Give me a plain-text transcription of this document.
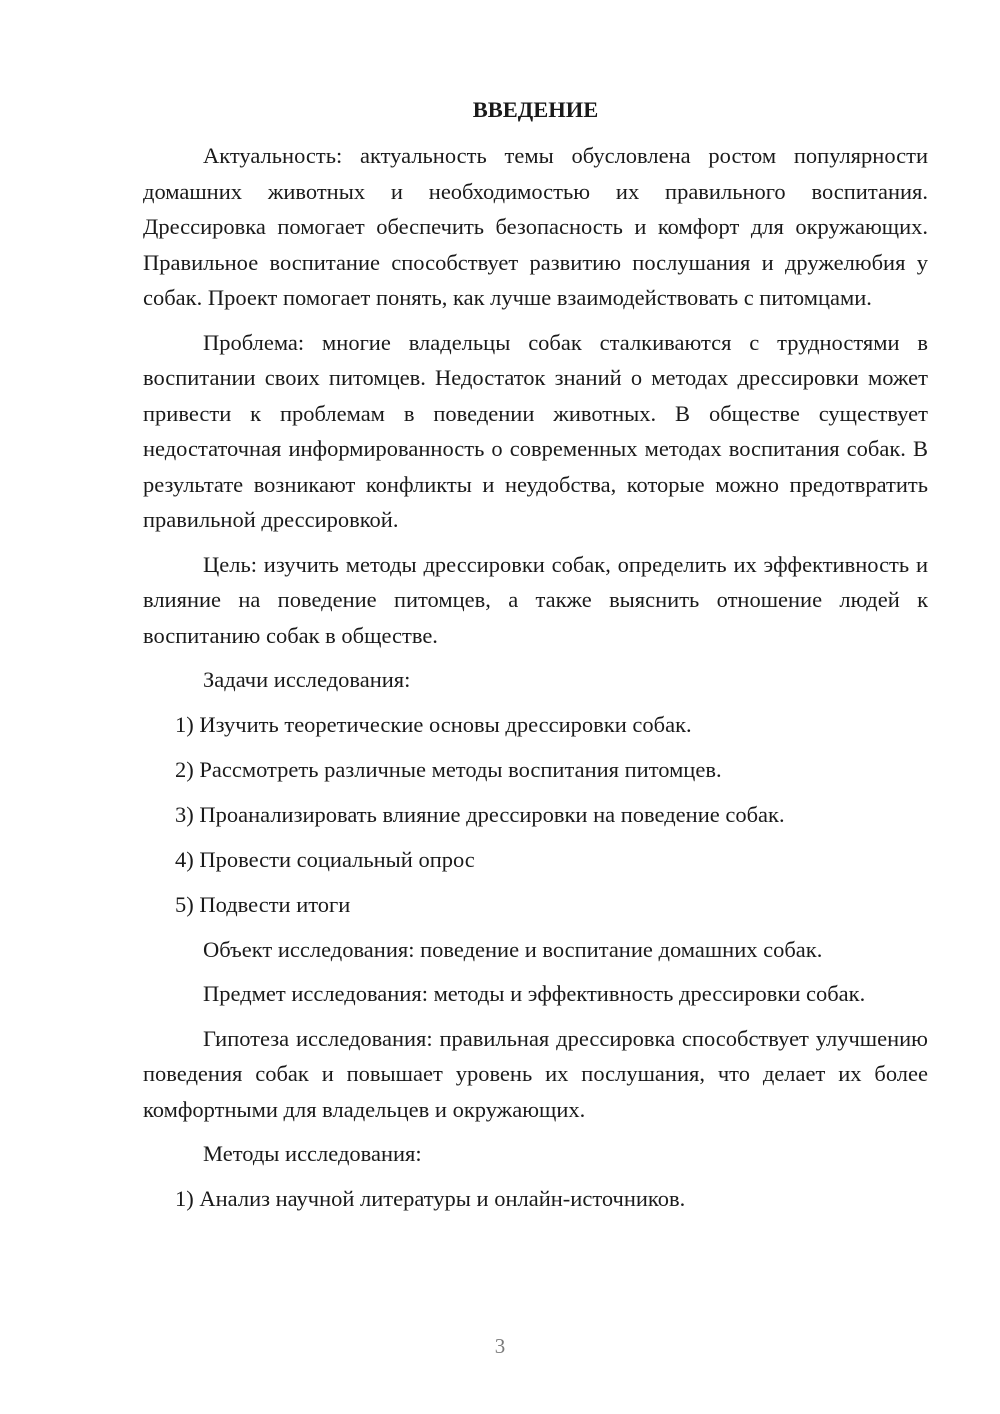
ВВЕДЕНИЕ

Актуальность: актуальность темы обусловлена ростом популярности домашних животных и необходимостью их правильного воспитания. Дрессировка помогает обеспечить безопасность и комфорт для окружающих. Правильное воспитание способствует развитию послушания и дружелюбия у собак. Проект помогает понять, как лучше взаимодействовать с питомцами.

Проблема: многие владельцы собак сталкиваются с трудностями в воспитании своих питомцев. Недостаток знаний о методах дрессировки может привести к проблемам в поведении животных. В обществе существует недостаточная информированность о современных методах воспитания собак. В результате возникают конфликты и неудобства, которые можно предотвратить правильной дрессировкой.

Цель: изучить методы дрессировки собак, определить их эффективность и влияние на поведение питомцев, а также выяснить отношение людей к воспитанию собак в обществе.

Задачи исследования:

1) Изучить теоретические основы дрессировки собак.
2) Рассмотреть различные методы воспитания питомцев.
3) Проанализировать влияние дрессировки на поведение собак.
4) Провести социальный опрос
5) Подвести итоги

Объект исследования: поведение и воспитание домашних собак.

Предмет исследования: методы и эффективность дрессировки собак.

Гипотеза исследования: правильная дрессировка способствует улучшению поведения собак и повышает уровень их послушания, что делает их более комфортными для владельцев и окружающих.

Методы исследования:

1) Анализ научной литературы и онлайн-источников.
3
